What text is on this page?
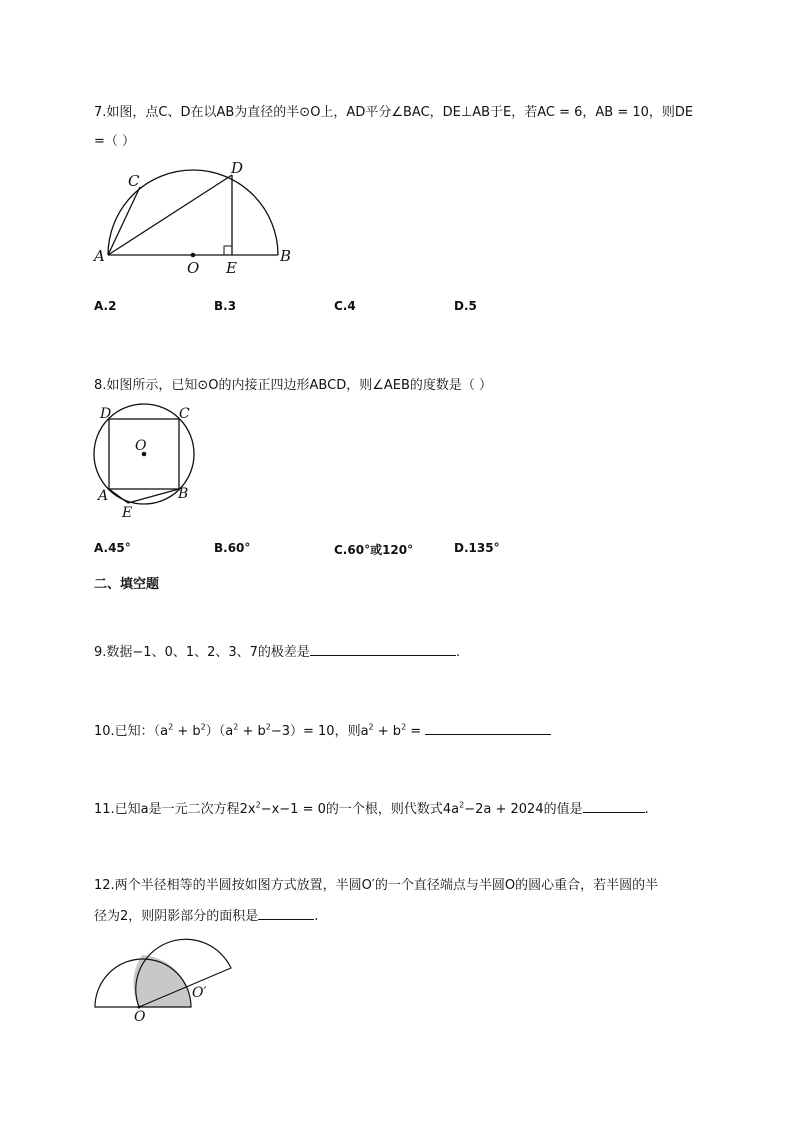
7.如图，点C、D在以AB为直径的半⊙O上，AD平分∠BAC，DE⊥AB于E，若AC = 6，AB = 10，则DE
=（ ）
C
D
A
O E
B
A.2	B.3	C.4	D.5
8.如图所示，已知⊙O的内接正四边形ABCD，则∠AEB的度数是（ ）
D	C
O
A	B
E
A.45°	B.60°	C.60°或120°	D.135°
二、填空题
9.数据−1、0、1、2、3、7的极差是	.
10.已知：$(a^2 + b^2)(a^2 + b^2-3)= 10$，则$a^2 + b^2$ =
11.已知a是一元二次方程$2x^2-x-1 = 0$的一个根，则代数式$4a^2-2a + 2024$的值是	.
12.两个半径相等的半圆按如图方式放置，半圆O′的一个直径端点与半圆O的圆心重合，若半圆的半
径为2，则阴影部分的面积是	.
O
O′
